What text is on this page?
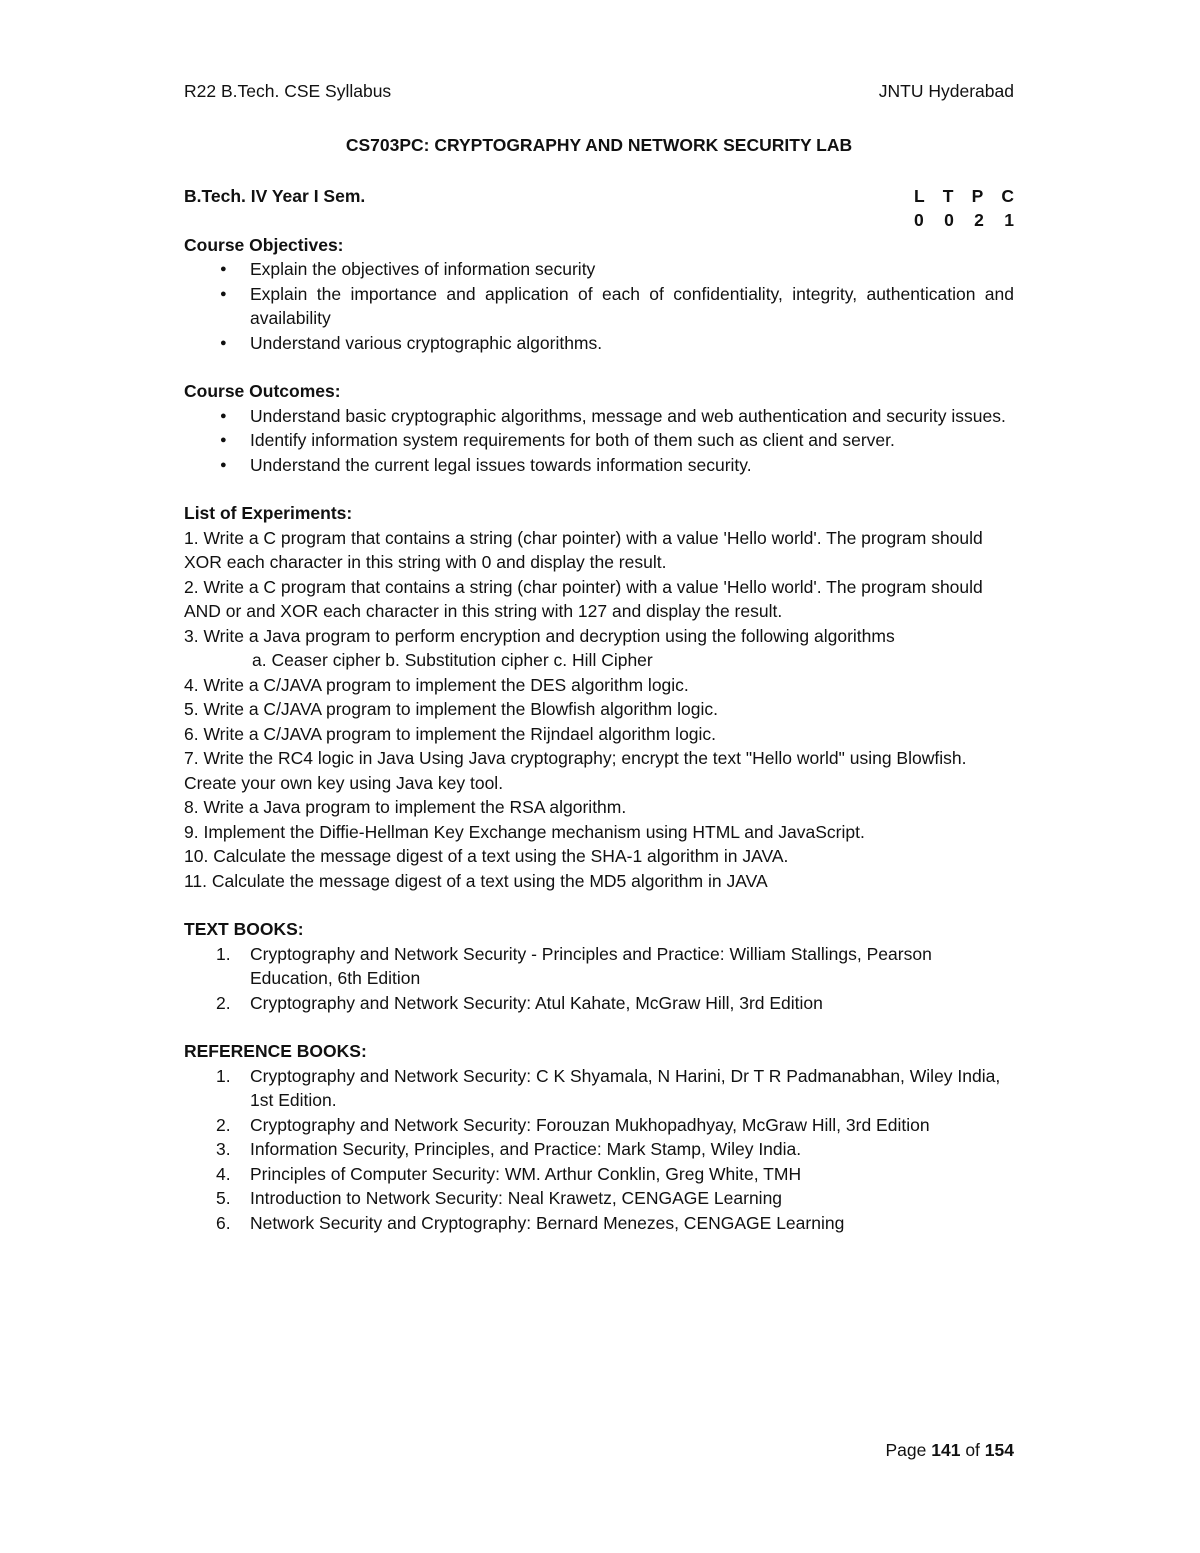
R22 B.Tech. CSE Syllabus	JNTU Hyderabad
CS703PC: CRYPTOGRAPHY AND NETWORK SECURITY LAB
B.Tech. IV Year I Sem.	L T P C
0 0 2 1
Course Objectives:
● Explain the objectives of information security
● Explain the importance and application of each of confidentiality, integrity, authentication and availability
● Understand various cryptographic algorithms.
Course Outcomes:
● Understand basic cryptographic algorithms, message and web authentication and security issues.
● Identify information system requirements for both of them such as client and server.
● Understand the current legal issues towards information security.
List of Experiments:

1. Write a C program that contains a string (char pointer) with a value 'Hello world'. The program should XOR each character in this string with 0 and display the result.

2. Write a C program that contains a string (char pointer) with a value 'Hello world'. The program should AND or and XOR each character in this string with 127 and display the result.

3. Write a Java program to perform encryption and decryption using the following algorithms

a. Ceaser cipher b. Substitution cipher c. Hill Cipher

4. Write a C/JAVA program to implement the DES algorithm logic.

5. Write a C/JAVA program to implement the Blowfish algorithm logic.

6. Write a C/JAVA program to implement the Rijndael algorithm logic.

7. Write the RC4 logic in Java Using Java cryptography; encrypt the text "Hello world" using Blowfish. Create your own key using Java key tool.

8. Write a Java program to implement the RSA algorithm.

9. Implement the Diffie-Hellman Key Exchange mechanism using HTML and JavaScript.

10. Calculate the message digest of a text using the SHA-1 algorithm in JAVA.

11. Calculate the message digest of a text using the MD5 algorithm in JAVA

TEXT BOOKS:
1. Cryptography and Network Security - Principles and Practice: William Stallings, Pearson Education, 6th Edition
2. Cryptography and Network Security: Atul Kahate, McGraw Hill, 3rd Edition
REFERENCE BOOKS:
1. Cryptography and Network Security: C K Shyamala, N Harini, Dr T R Padmanabhan, Wiley India, 1st Edition.
2. Cryptography and Network Security: Forouzan Mukhopadhyay, McGraw Hill, 3rd Edition
3. Information Security, Principles, and Practice: Mark Stamp, Wiley India.
4. Principles of Computer Security: WM. Arthur Conklin, Greg White, TMH
5. Introduction to Network Security: Neal Krawetz, CENGAGE Learning
6. Network Security and Cryptography: Bernard Menezes, CENGAGE Learning
Page 141 of 154
